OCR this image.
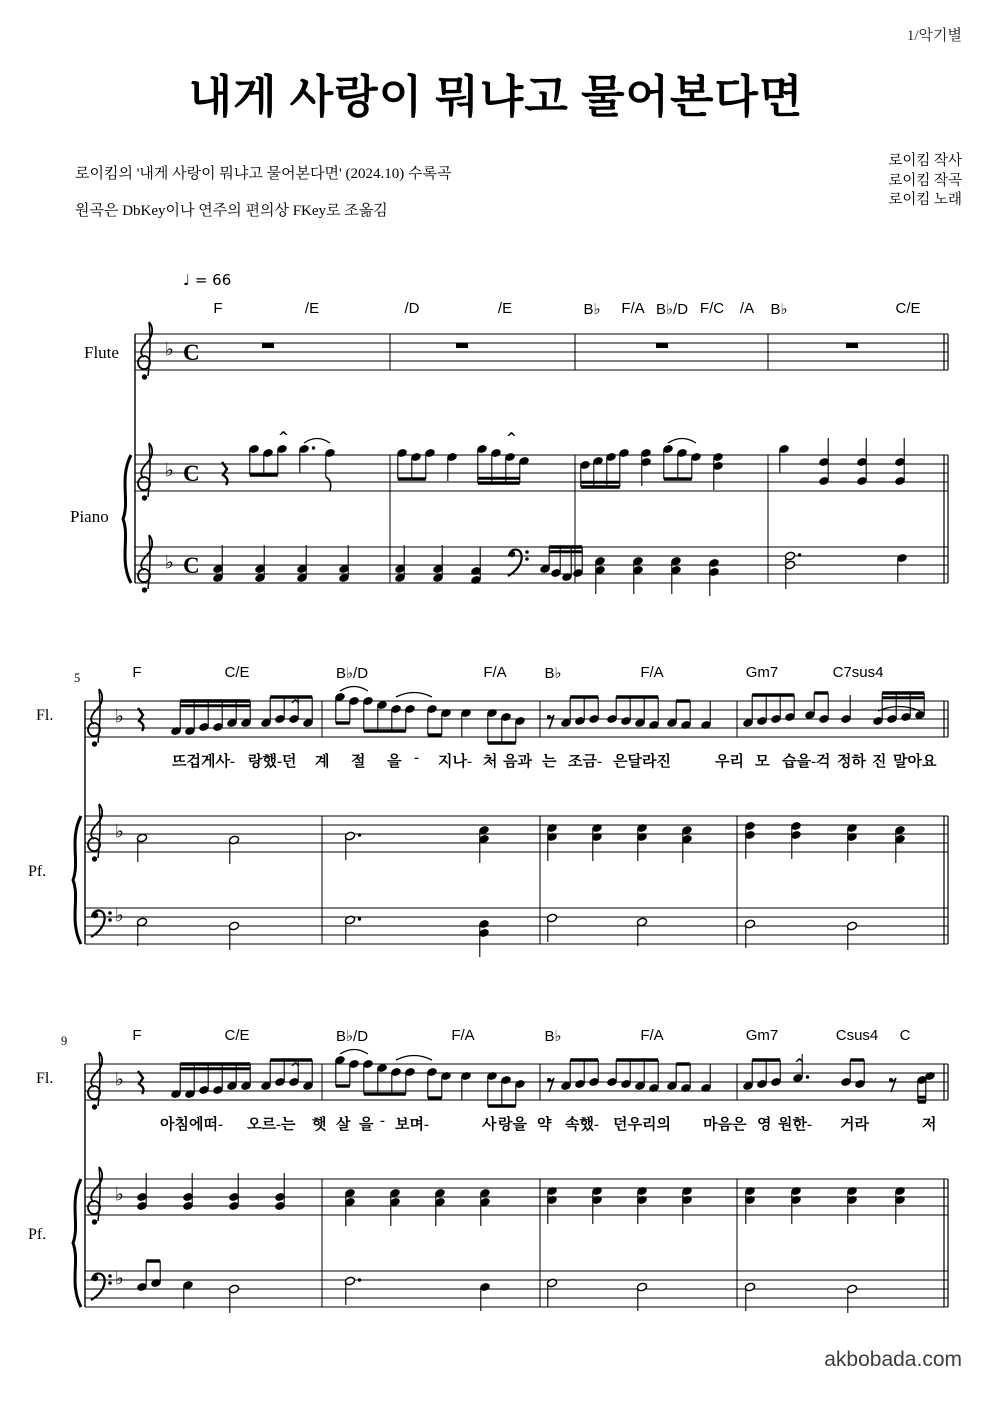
1/악기별
내게 사랑이 뭐냐고 물어본다면
로이킴의 '내게 사랑이 뭐냐고 물어본다면' (2024.10) 수록곡
원곡은 DbKey이나 연주의 편의상 FKey로 조옮김
로이킴 작사
로이킴 작곡
로이킴 노래
♩ = 66
♭ C
♭ C
♭ C
^	^
♭
♭
♭
^
♭
♭
♭
^	^
F	/E	/D	/E	B♭ F/A B♭/D F/C /A B♭	C/E
Flute
Piano
F	C/E	B♭/D	F/A	B♭	F/A	Gm7	C7sus4
뜨겁게사- 랑했-던 계 절 을 - 지나- 처 음과 는 조금- 은달라진	우리 모 습을-걱 정하 진 말아요
5
Fl.
Pf.
F	C/E	B♭/D	F/A	B♭	F/A	Gm7	Csus4 C
아침에떠- 오르-는 햇 살 을 - 보며-	사 랑을 약 속했- 던우리의 마음은 영 원한- 거라	저
9
Fl.
Pf.
akbobada.com
